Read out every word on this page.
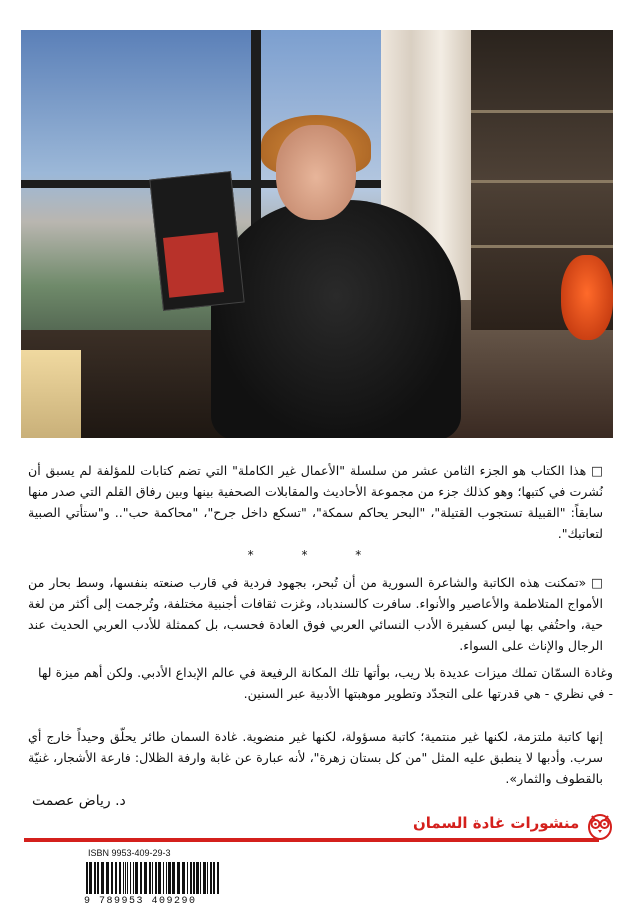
□ هذا الكتاب هو الجزء الثامن عشر من سلسلة "الأعمال غير الكاملة" التي تضم كتابات للمؤلفة لم يسبق أن نُشرت في كتبها؛ وهو كذلك جزء من مجموعة الأحاديث والمقابلات الصحفية بينها وبين رفاق القلم التي صدر منها سابقاً: "القبيلة تستجوب القتيلة"، "البحر يحاكم سمكة"، "تسكع داخل جرح"، "محاكمة حب".. و"ستأتي الصبية لتعاتبك".

* * *

□ «تمكنت هذه الكاتبة والشاعرة السورية من أن تُبحر، بجهود فردية في قارب صنعته بنفسها، وسط بحار من الأمواج المتلاطمة والأعاصير والأنواء. سافرت كالسندباد، وغزت ثقافات أجنبية مختلفة، وتُرجمت إلى أكثر من لغة حية، واحتُفي بها ليس كسفيرة الأدب النسائي العربي فوق العادة فحسب، بل كممثلة للأدب العربي الحديث عند الرجال والإناث على السواء.

وغادة السمّان تملك ميزات عديدة بلا ريب، بوأتها تلك المكانة الرفيعة في عالم الإبداع الأدبي. ولكن أهم ميزة لها - في نظري - هي قدرتها على التجدّد وتطوير موهبتها الأدبية عبر السنين.

إنها كاتبة ملتزمة، لكنها غير منتمية؛ كاتبة مسؤولة، لكنها غير منضوية. غادة السمان طائر يحلّق وحيداً خارج أي سرب. وأدبها لا ينطبق عليه المثل "من كل بستان زهرة"، لأنه عبارة عن غابة وارفة الظلال: فارعة الأشجار، غنيّة بالقطوف والثمار».

د. رياض عصمت
منشورات غادة السمان
ISBN 9953-409-29-3
9 789953 409290
